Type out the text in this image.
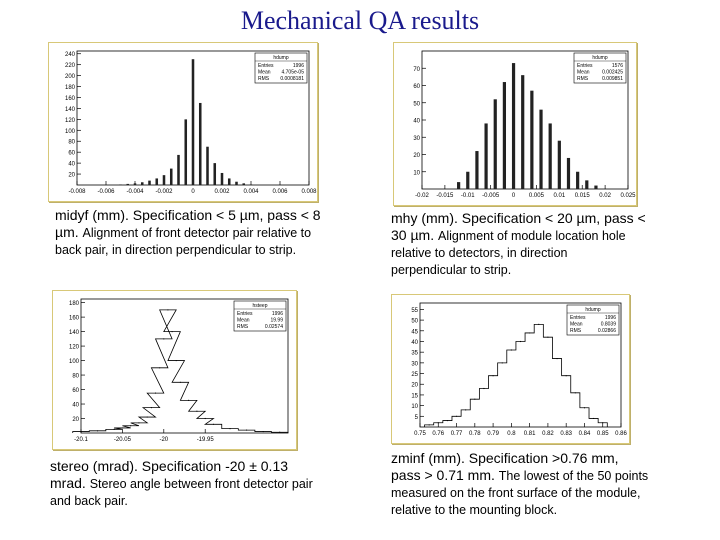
Mechanical QA results
20
40
60
80
100
120
140
160
180
200
220
240
-0.008 -0.006 -0.004 -0.002	0	0.002 0.004 0.006 0.008
hdump
Entries	1996
Mean 4.705e-05
RMS 0.0008181
midyf (mm). Specification < 5 µm, pass < 8 µm. Alignment of front detector pair relative to back pair, in direction perpendicular to strip.
10
20
30
40
50
60
70
-0.02 -0.015 -0.01 -0.005 0 0.005 0.01 0.015 0.02 0.025
hdump
Entries	1576
Mean	0.002425
RMS	0.009851
mhy (mm). Specification < 20 µm, pass < 30 µm. Alignment of module location hole relative to detectors, in direction perpendicular to strip.
20
40
60
80
100
120
140
160
180
-20.1	-20.05	-20	-19.95
hsteep
Entries	1996
Mean	19.99
RMS	0.02574
stereo (mrad). Specification -20 ± 0.13 mrad. Stereo angle between front detector pair and back pair.
5
10
15
20
25
30
35
40
45
50
55
0.75 0.76 0.77 0.78 0.79 0.8 0.81 0.82 0.83 0.84 0.85 0.86
hdump
Entries	1996
Mean	0.8039
RMS	0.02866
zminf (mm). Specification >0.76 mm, pass > 0.71 mm. The lowest of the 50 points measured on the front surface of the module, relative to the mounting block.
